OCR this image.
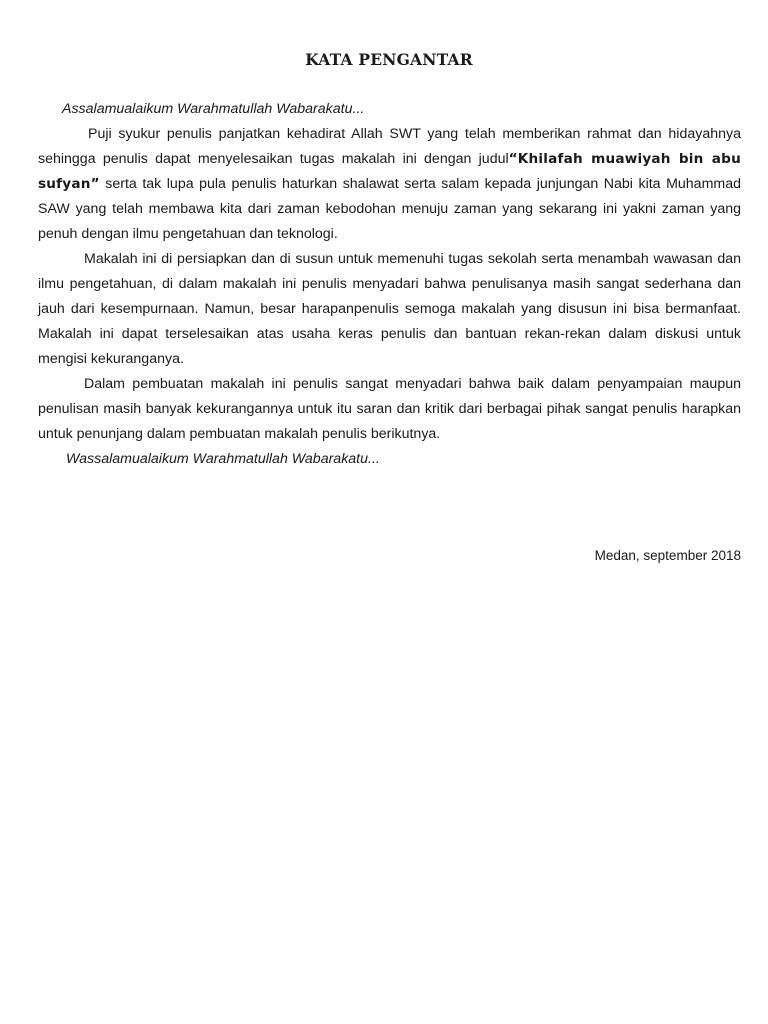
KATA PENGANTAR

Assalamualaikum Warahmatullah Wabarakatu...

Puji syukur penulis panjatkan kehadirat Allah SWT yang telah memberikan rahmat dan hidayahnya sehingga penulis dapat menyelesaikan tugas makalah ini dengan judul“Khilafah muawiyah bin abu sufyan” serta tak lupa pula penulis haturkan shalawat serta salam kepada junjungan Nabi kita Muhammad SAW yang telah membawa kita dari zaman kebodohan menuju zaman yang sekarang ini yakni zaman yang penuh dengan ilmu pengetahuan dan teknologi.

Makalah ini di persiapkan dan di susun untuk memenuhi tugas sekolah serta menambah wawasan dan ilmu pengetahuan, di dalam makalah ini penulis menyadari bahwa penulisanya masih sangat sederhana dan jauh dari kesempurnaan. Namun, besar harapanpenulis semoga makalah yang disusun ini bisa bermanfaat. Makalah ini dapat terselesaikan atas usaha keras penulis dan bantuan rekan-rekan dalam diskusi untuk mengisi kekuranganya.

Dalam pembuatan makalah ini penulis sangat menyadari bahwa baik dalam penyampaian maupun penulisan masih banyak kekurangannya untuk itu saran dan kritik dari berbagai pihak sangat penulis harapkan untuk penunjang dalam pembuatan makalah penulis berikutnya.

Wassalamualaikum Warahmatullah Wabarakatu...

Medan, september 2018
